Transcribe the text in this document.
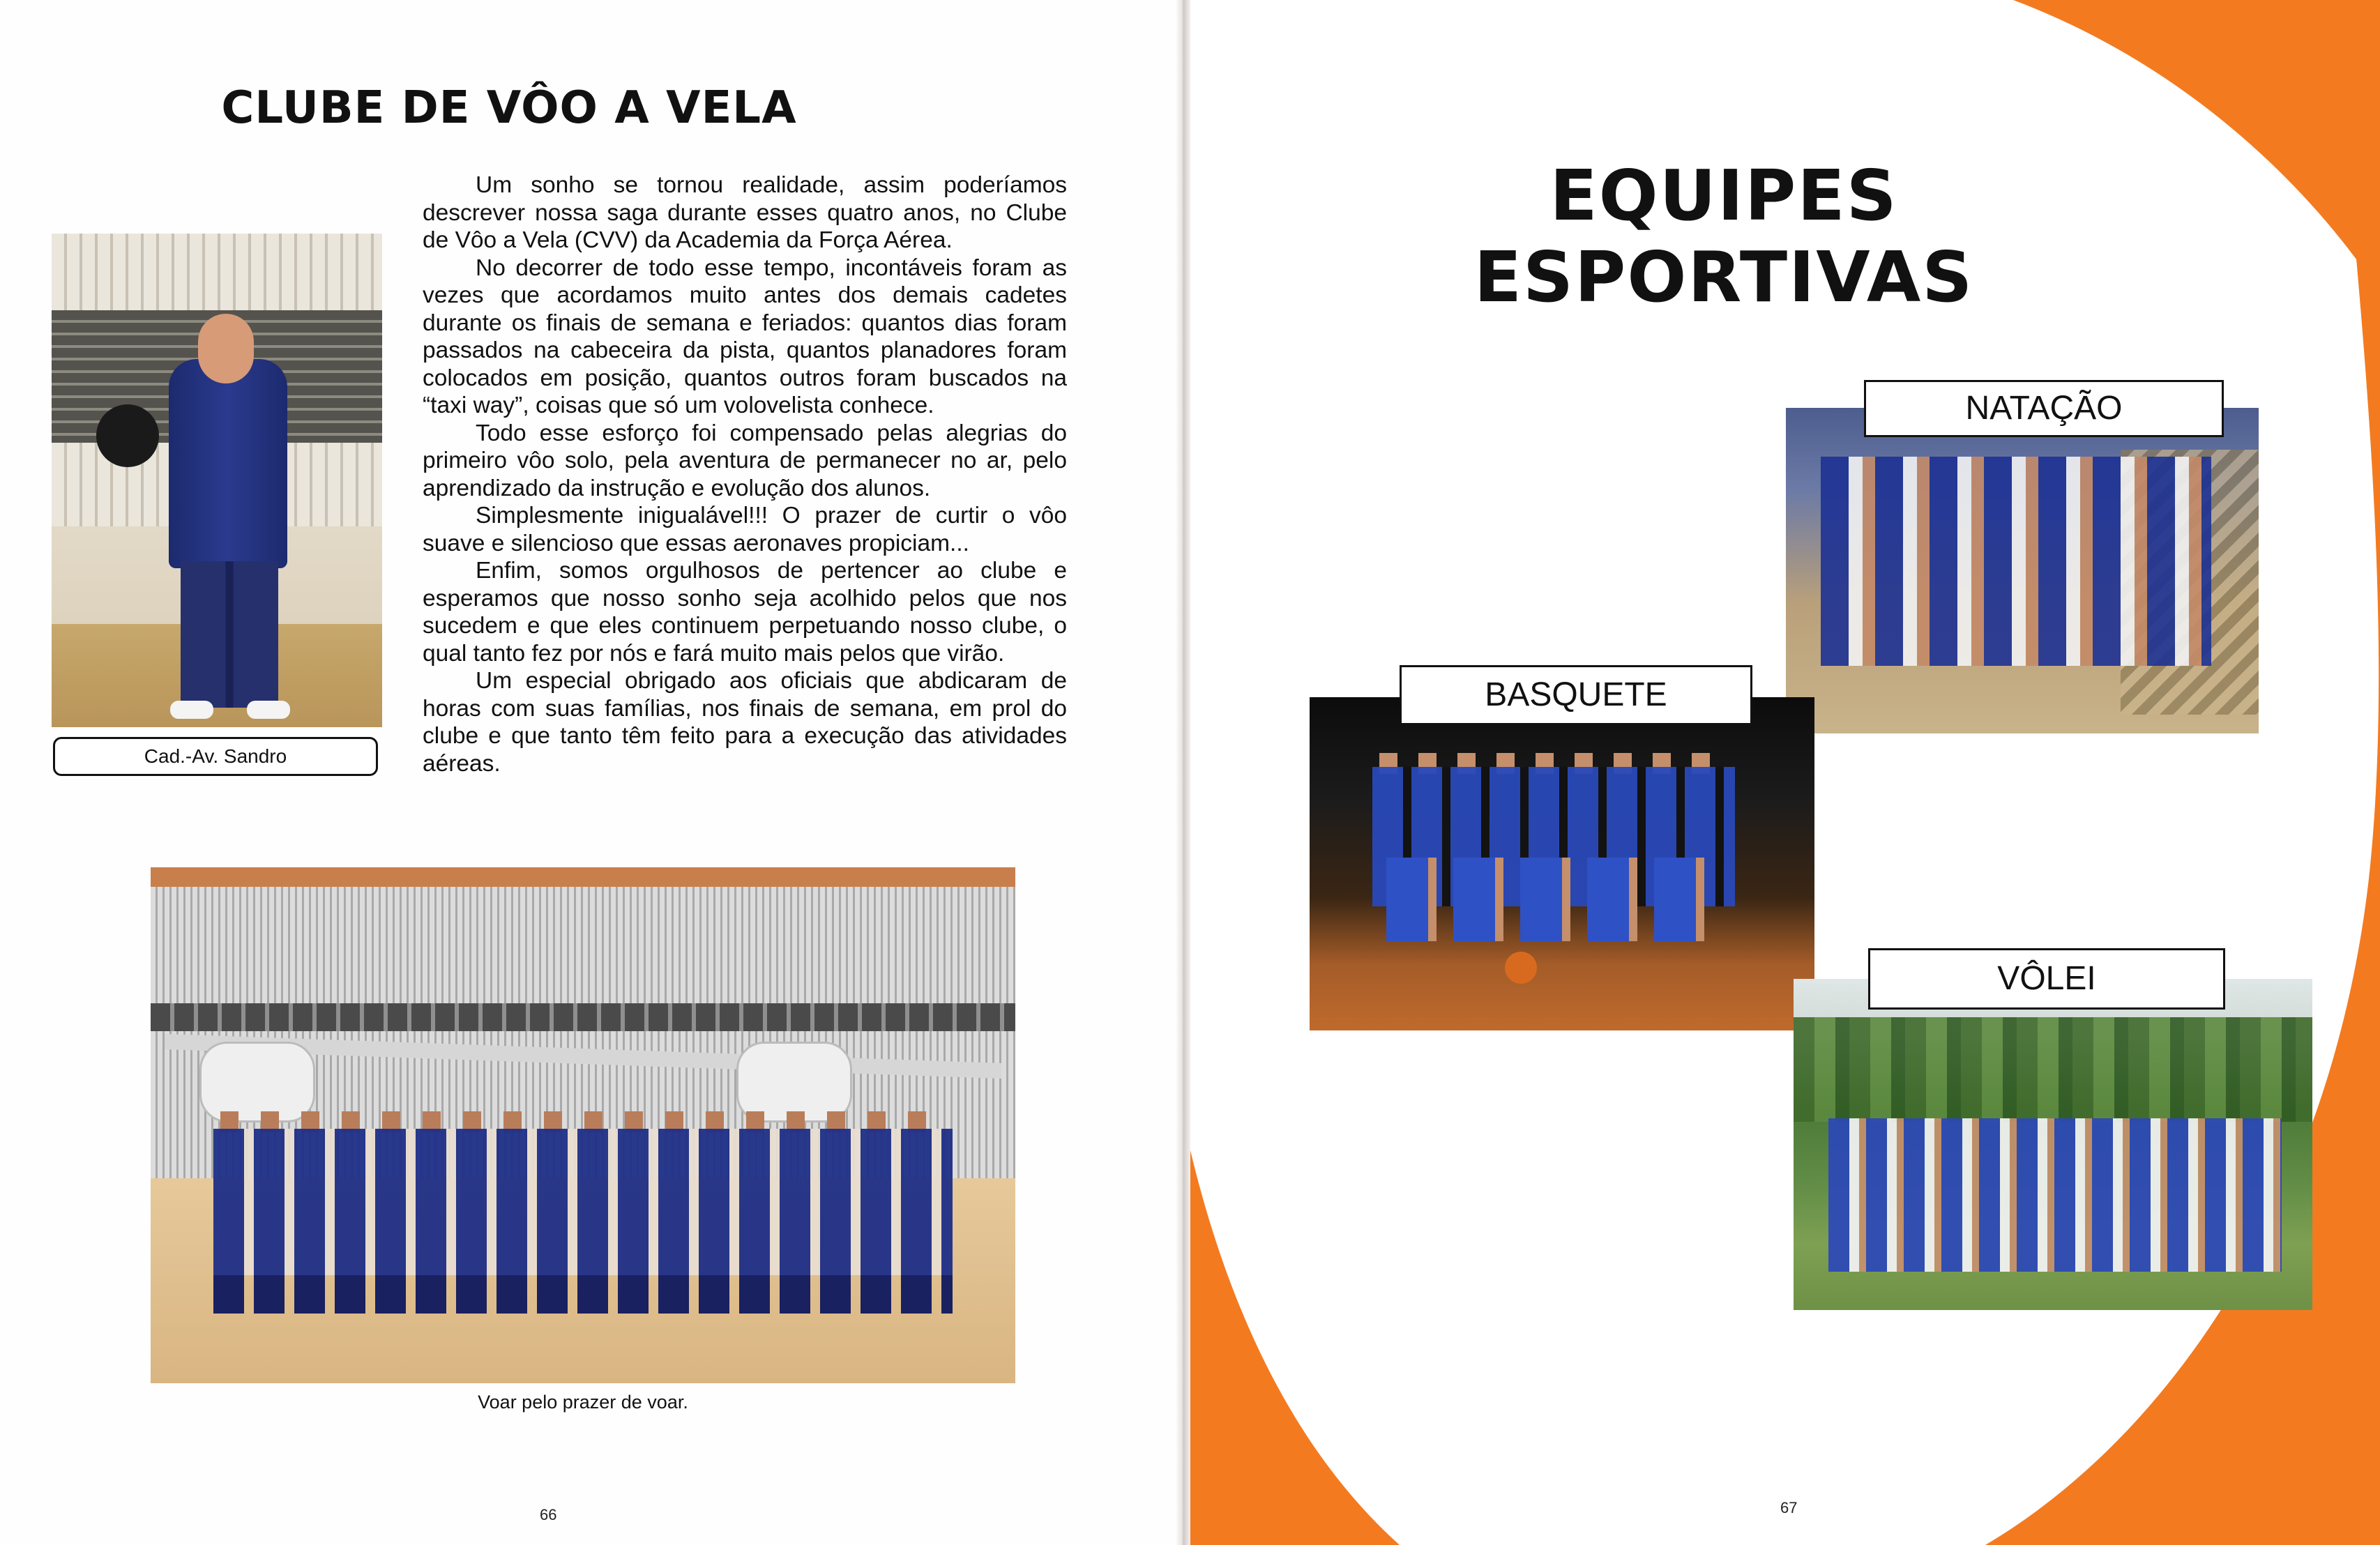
CLUBE DE VÔO A VELA
Cad.-Av. Sandro

Um sonho se tornou realidade, assim poderíamos descrever nossa saga durante esses quatro anos, no Clube de Vôo a Vela (CVV) da Academia da Força Aérea.

No decorrer de todo esse tempo, incontáveis foram as vezes que acordamos muito antes dos demais cadetes durante os finais de semana e feriados: quantos dias foram passados na cabeceira da pista, quantos planadores foram colocados em posição, quantos outros foram buscados na “taxi way”, coisas que só um volovelista conhece.

Todo esse esforço foi compensado pelas alegrias do primeiro vôo solo, pela aventura de permanecer no ar, pelo aprendizado da instrução e evolução dos alunos.

Simplesmente inigualável!!! O prazer de curtir o vôo suave e silencioso que essas aeronaves propiciam...

Enfim, somos orgulhosos de pertencer ao clube e esperamos que nosso sonho seja acolhido pelos que nos sucedem e que eles continuem perpetuando nosso clube, o qual tanto fez por nós e fará muito mais pelos que virão.

Um especial obrigado aos oficiais que abdicaram de horas com suas famílias, nos finais de semana, em prol do clube e que tanto têm feito para a execução das atividades aéreas.

Voar pelo prazer de voar.

66
EQUIPES ESPORTIVAS
NATAÇÃO
BASQUETE
VÔLEI
67
